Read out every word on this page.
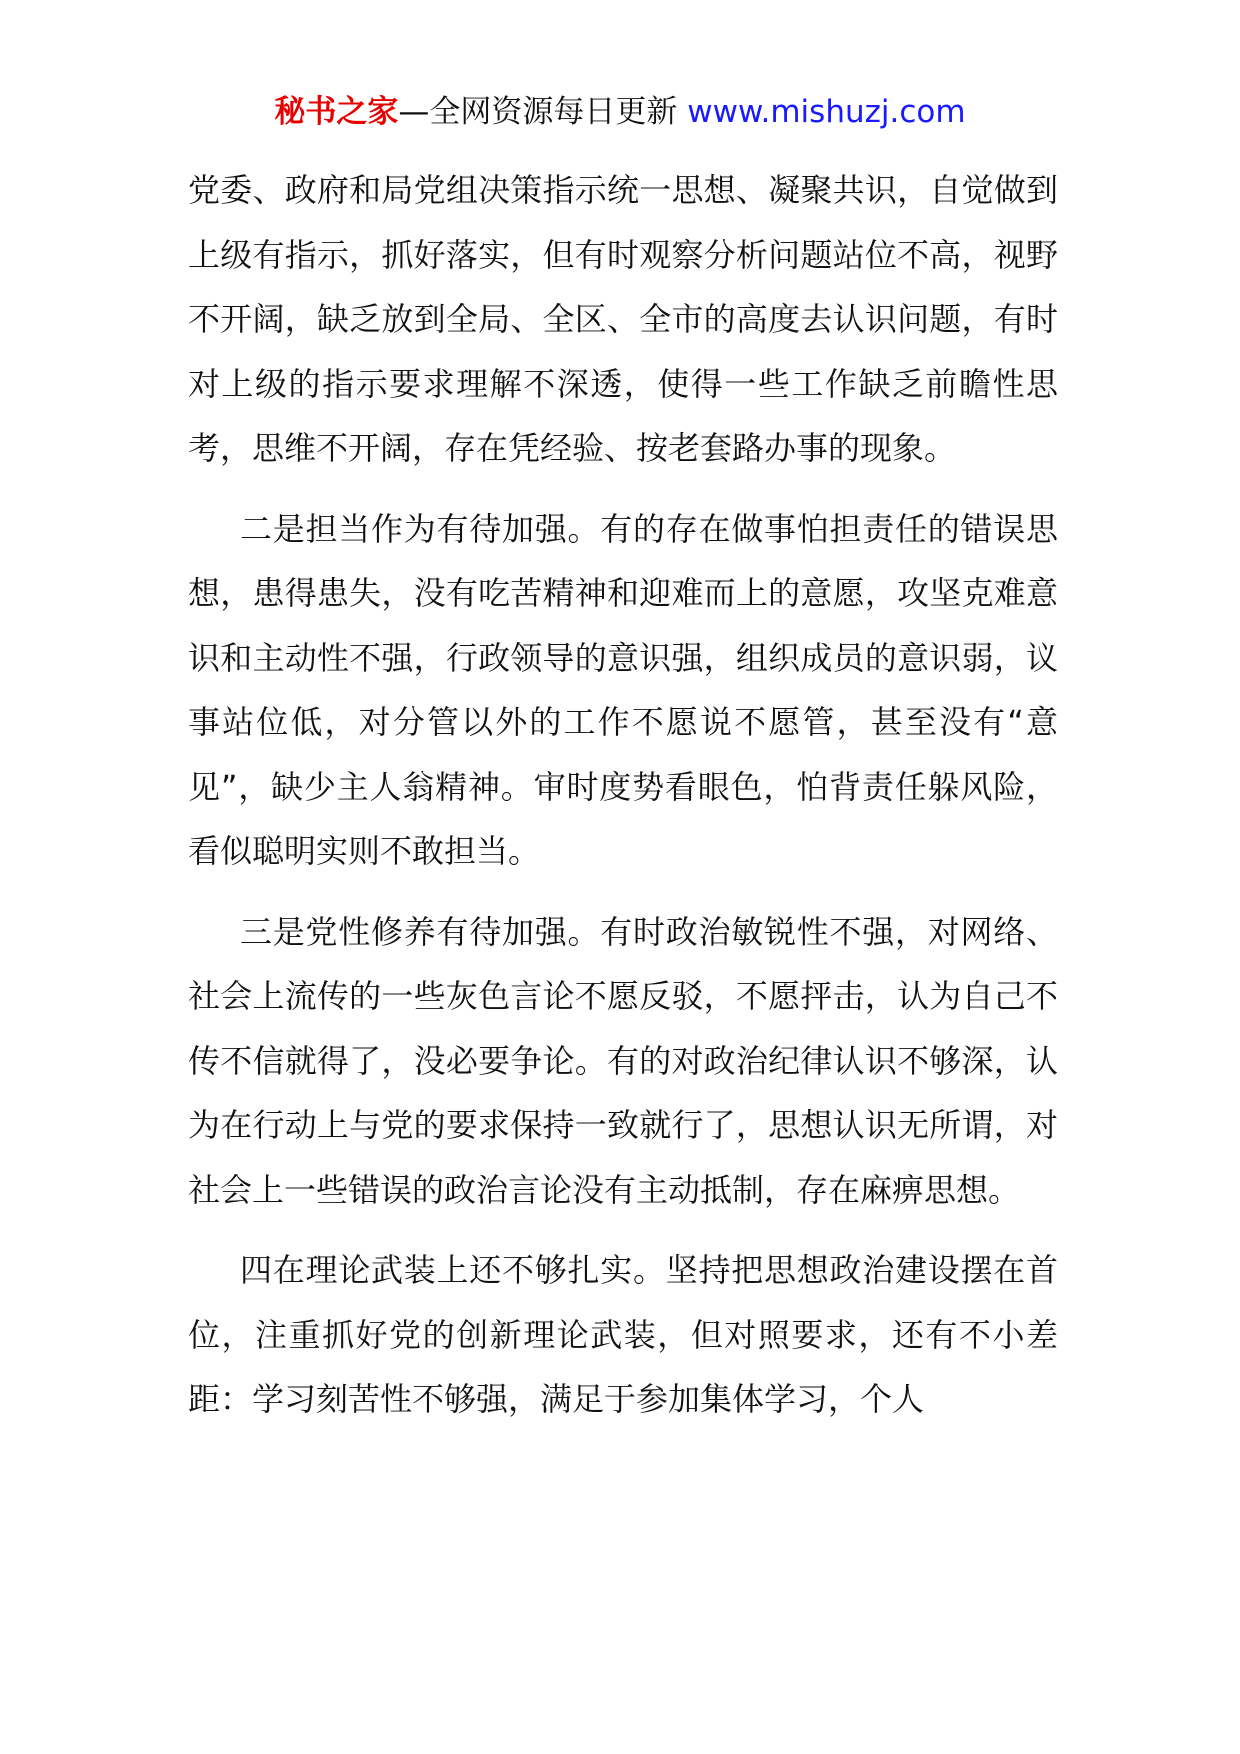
秘书之家—全网资源每日更新 www.mishuzj.com

党委、政府和局党组决策指示统一思想、凝聚共识，自觉做到上级有指示，抓好落实，但有时观察分析问题站位不高，视野不开阔，缺乏放到全局、全区、全市的高度去认识问题，有时对上级的指示要求理解不深透，使得一些工作缺乏前瞻性思考，思维不开阔，存在凭经验、按老套路办事的现象。

二是担当作为有待加强。有的存在做事怕担责任的错误思想，患得患失，没有吃苦精神和迎难而上的意愿，攻坚克难意识和主动性不强，行政领导的意识强，组织成员的意识弱，议事站位低，对分管以外的工作不愿说不愿管，甚至没有“意见”，缺少主人翁精神。审时度势看眼色，怕背责任躲风险，看似聪明实则不敢担当。

三是党性修养有待加强。有时政治敏锐性不强，对网络、社会上流传的一些灰色言论不愿反驳，不愿抨击，认为自己不传不信就得了，没必要争论。有的对政治纪律认识不够深，认为在行动上与党的要求保持一致就行了，思想认识无所谓，对社会上一些错误的政治言论没有主动抵制，存在麻痹思想。

四在理论武装上还不够扎实。坚持把思想政治建设摆在首位，注重抓好党的创新理论武装，但对照要求，还有不小差距：学习刻苦性不够强，满足于参加集体学习，个人
